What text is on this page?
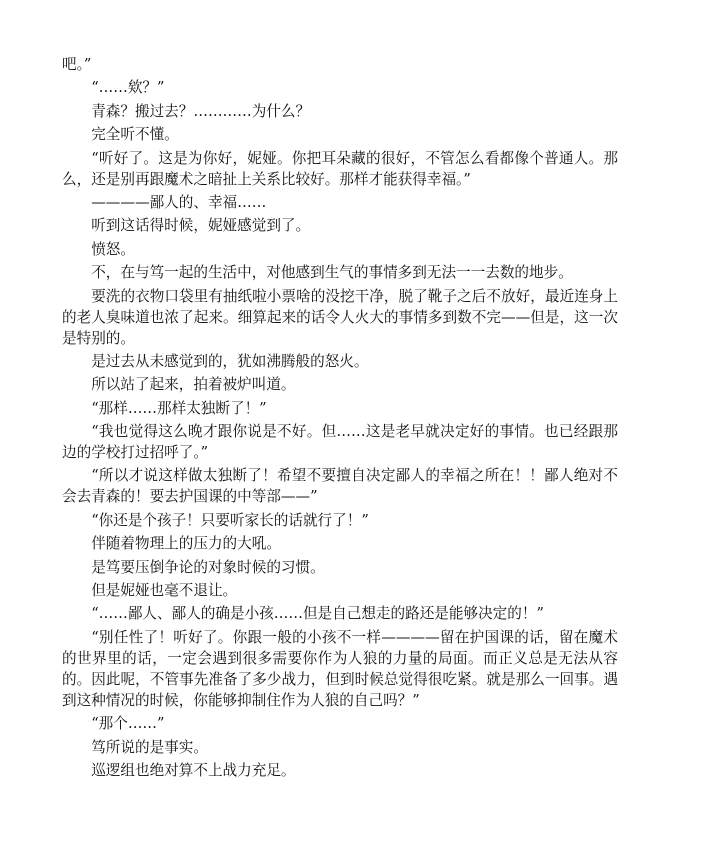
吧。”

“……欸？”

青森？搬过去？…………为什么？

完全听不懂。

“听好了。这是为你好，妮娅。你把耳朵藏的很好，不管怎么看都像个普通人。那么，还是别再跟魔术之暗扯上关系比较好。那样才能获得幸福。”

————鄙人的、幸福……

听到这话得时候，妮娅感觉到了。

愤怒。

不，在与笃一起的生活中，对他感到生气的事情多到无法一一去数的地步。

要洗的衣物口袋里有抽纸啦小票啥的没挖干净，脱了靴子之后不放好，最近连身上的老人臭味道也浓了起来。细算起来的话令人火大的事情多到数不完——但是，这一次是特别的。

是过去从未感觉到的，犹如沸腾般的怒火。

所以站了起来，拍着被炉叫道。

“那样……那样太独断了！”

“我也觉得这么晚才跟你说是不好。但……这是老早就决定好的事情。也已经跟那边的学校打过招呼了。”

“所以才说这样做太独断了！希望不要擅自决定鄙人的幸福之所在！！鄙人绝对不会去青森的！要去护国课的中等部——”

“你还是个孩子！只要听家长的话就行了！”

伴随着物理上的压力的大吼。

是笃要压倒争论的对象时候的习惯。

但是妮娅也毫不退让。

“……鄙人、鄙人的确是小孩……但是自己想走的路还是能够决定的！”

“别任性了！听好了。你跟一般的小孩不一样————留在护国课的话，留在魔术的世界里的话，一定会遇到很多需要你作为人狼的力量的局面。而正义总是无法从容的。因此呢，不管事先准备了多少战力，但到时候总觉得很吃紧。就是那么一回事。遇到这种情况的时候，你能够抑制住作为人狼的自己吗？”

“那个……”

笃所说的是事实。

巡逻组也绝对算不上战力充足。
